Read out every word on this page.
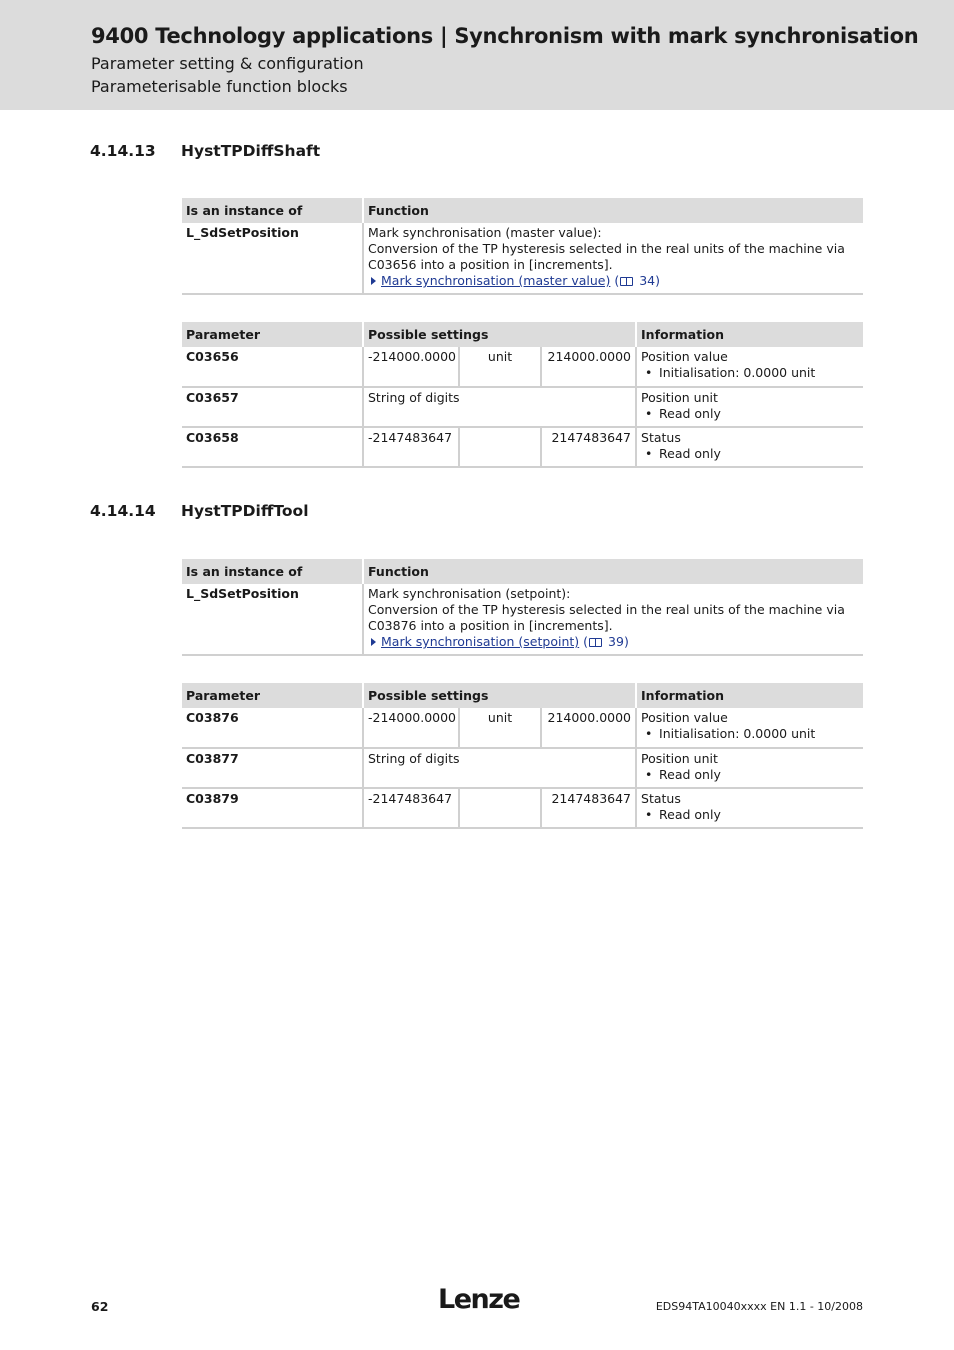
9400 Technology applications | Synchronism with mark synchronisation
Parameter setting & configuration
Parameterisable function blocks
4.14.13 HystTPDiffShaft
Is an instance of	Function
L_SdSetPosition	Mark synchronisation (master value):
Conversion of the TP hysteresis selected in the real units of the machine via C03656 into a position in [increments].
Mark synchronisation (master value) ( 34)
Parameter	Possible settings			Information
C03656	-214000.0000	unit	214000.0000	Position value
• Initialisation: 0.0000 unit

C03657	String of digits			Position unit
• Read only

C03658	-2147483647		2147483647	Status
• Read only
4.14.14 HystTPDiffTool
Is an instance of	Function
L_SdSetPosition	Mark synchronisation (setpoint):
Conversion of the TP hysteresis selected in the real units of the machine via C03876 into a position in [increments].
Mark synchronisation (setpoint) ( 39)
Parameter	Possible settings			Information
C03876	-214000.0000	unit	214000.0000	Position value
• Initialisation: 0.0000 unit

C03877	String of digits			Position unit
• Read only

C03879	-2147483647		2147483647	Status
• Read only
62	Lenze	EDS94TA10040xxxx EN 1.1 - 10/2008
